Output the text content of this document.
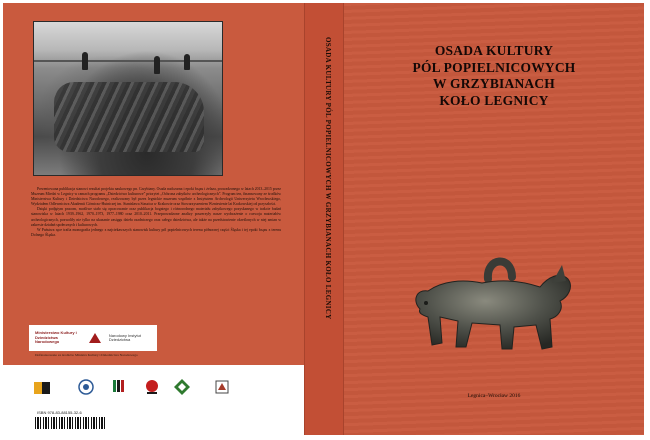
Prezentowana publikacja stanowi rezultat projektu naukowego pn. Grzybiany. Osada nadczarna i epoki brązu i żelaza, prowadzonego w latach 2013–2015 przez Muzeum Miedzi w Legnicy w ramach programu „Dziedzictwo kulturowe” priorytet „Ochrona zabytków archeologicznych”. Program ten, finansowany ze środków Ministerstwa Kultury i Dziedzictwa Narodowego, realizowany był przez legnickie muzeum wspólnie z Instytutem Archeologii Uniwersytetu Wrocławskiego, Wydziałem Odlewnictwa Akademii Górniczo-Hutniczej im. Stanisława Staszica w Krakowie oraz Stowarzyszeniem Wzniesienie lat Krakowskiej od przyszłości.

Dzięki podjętym pracom, możliwe stało się opracowanie oraz publikacja bogatego i różnorodnego materiału zabytkowego pozyskanego w trakcie badań stanowiska w latach 1939–1962, 1970–1973, 1977–1980 oraz 2010–2011. Przeprowadzone analizy poszerzyły nasze wyobrażenie o rozwoju materiałów archeologicznych, pozwoliły nie tylko na ukazanie zasięgu dzieła osadniczego oraz całego dziedzictwa, ale także na przedstawienie określonych w niej zmian w zakresie działań społecznych i kulturowych.

W Państwa ręce trafia monografia jednego z najciekawszych stanowisk kultury pól popielnicowych terenu północnej części Śląska i tej epoki brązu z terenu Dolnego Śląska.

Ministerstwo Kultury i Dziedzictwa Narodowego
Narodowy Instytut Dziedzictwa
Dofinansowano ze środków Ministra Kultury i Dziedzictwa Narodowego
ISBN 978-83-88155-32-6
OSADA KULTURY PÓL POPIELNICOWYCH W GRZYBIANACH KOŁO LEGNICY	OSADA KULTURY
PÓL POPIELNICOWYCH
W GRZYBIANACH
KOŁO LEGNICY
Legnica–Wrocław 2016
